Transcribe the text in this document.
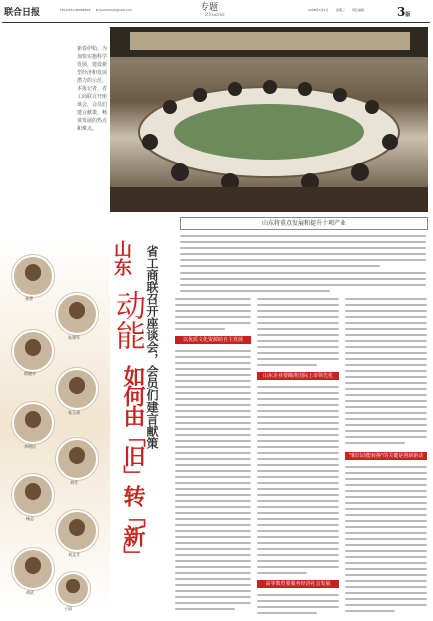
联合日报	TEL:0531-86082829 E-mail:lhrbyb@126.com	专题
Zhuanti
2008年3月5日	星期三 责任编辑	3版
新春伊始，为加快实施科学发展，建设新型经济和发展潜力的示范，本报记者，省工商联召开座谈会，会员们建言献策，畅谈发展的热点和难点。
山东将重点发展和提升十项产业
张勇
朱建军
徐晓亭
张玉成
李明民
刘月
杨志
刘文才
胡武
于国
山东
动能
如何由「旧」转「新」
省工商联召开座谈会，会员们建言献策	以优质文化资源助自主发展
山东企业要瞄准国际上市领先化
高等教育要服务经济社会发展
"新旧动能转换"的关键是创新驱动
